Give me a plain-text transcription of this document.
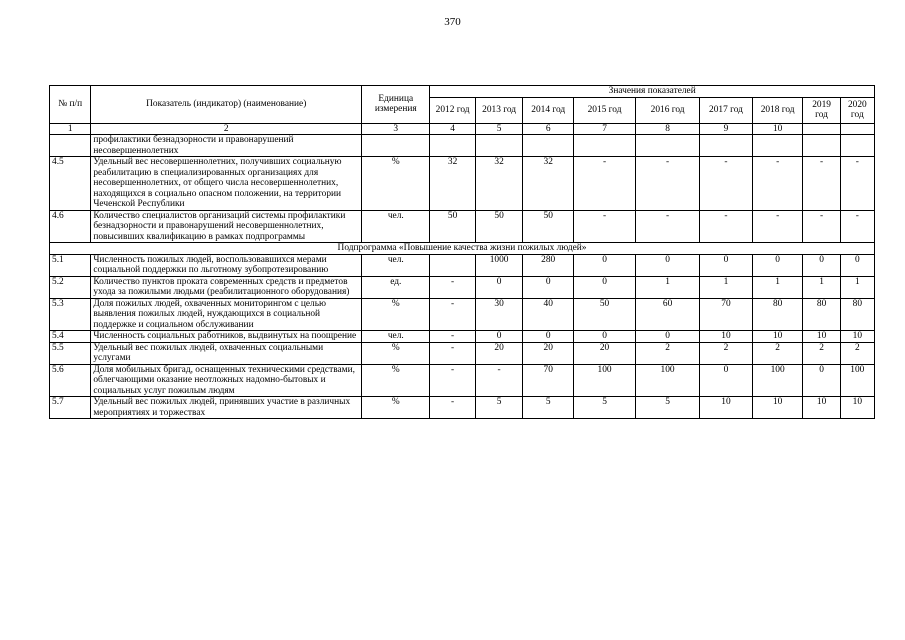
370
№ п/п	Показатель (индикатор) (наименование)	Единица измерения	Значения показателей								
			2012 год	2013 год	2014 год	2015 год	2016 год	2017 год	2018 год	2019 год	2020 год
1	2	3	4	5	6	7	8	9	10		
	профилактики безнадзорности и правонарушений несовершеннолетних										
4.5	Удельный вес несовершеннолетних, получивших социальную реабилитацию в специализированных организациях для несовершеннолетних, от общего числа несовершеннолетних, находящихся в социально опасном положении, на территории Чеченской Республики	%	32	32	32	-	-	-	-	-	-
4.6	Количество специалистов организаций системы профилактики безнадзорности и правонарушений несовершеннолетних, повысивших квалификацию в рамках подпрограммы	чел.	50	50	50	-	-	-	-	-	-
Подпрограмма «Повышение качества жизни пожилых людей»											
5.1	Численность пожилых людей, воспользовавшихся мерами социальной поддержки по льготному зубопротезированию	чел.		1000	280	0	0	0	0	0	0
5.2	Количество пунктов проката современных средств и предметов ухода за пожилыми людьми (реабилитационного оборудования)	ед.	-	0	0	0	1	1	1	1	1
5.3	Доля пожилых людей, охваченных мониторингом с целью выявления пожилых людей, нуждающихся в социальной поддержке и социальном обслуживании	%	-	30	40	50	60	70	80	80	80
5.4	Численность социальных работников, выдвинутых на поощрение	чел.	-	0	0	0	0	10	10	10	10
5.5	Удельный вес пожилых людей, охваченных социальными услугами	%	-	20	20	20	2	2	2	2	2
5.6	Доля мобильных бригад, оснащенных техническими средствами, облегчающими оказание неотложных надомно-бытовых и социальных услуг пожилым людям	%	-	-	70	100	100	0	100	0	100
5.7	Удельный вес пожилых людей, принявших участие в различных мероприятиях и торжествах	%	-	5	5	5	5	10	10	10	10
